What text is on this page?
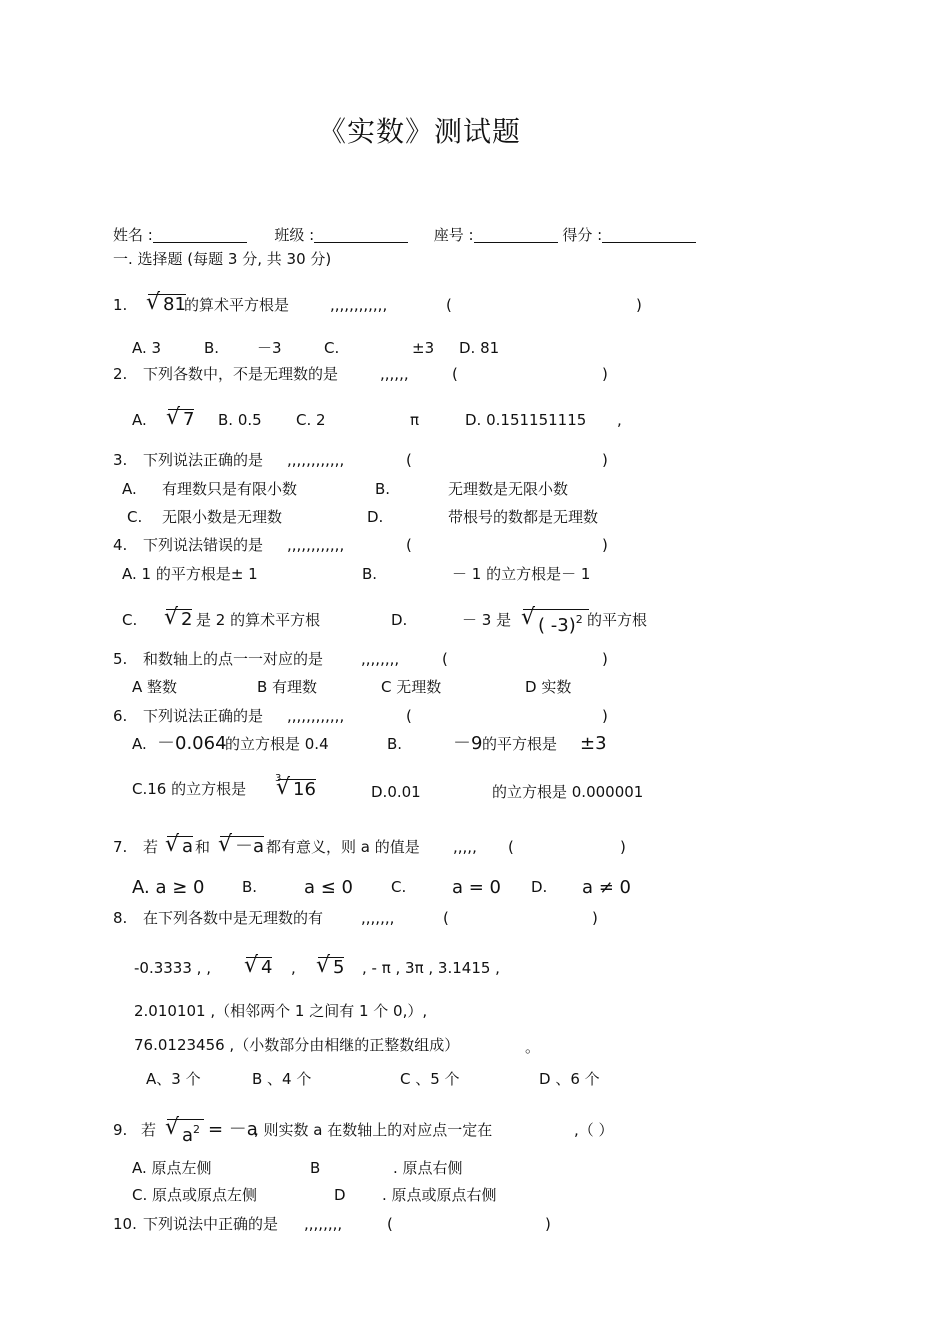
《实数》测试题
姓名 :	班级 :	座号 :	得分 :
一. 选择题 (每题 3 分, 共 30 分)
1.	√ 81
的算术平方根是	,,,,,,,,,,,,	(	)
A. 3	B.	－3	C.	±3 D. 81
2. 下列各数中，不是无理数的是	,,,,,,	(	)
A.	√ 7 B. 0.5 C. 2	π	D. 0.151151115 ,
3. 下列说法正确的是 ,,,,,,,,,,,,	(	)
A. 有理数只是有限小数	B.	无理数是无限小数
C. 无限小数是无理数	D.	带根号的数都是无理数
4. 下列说法错误的是 ,,,,,,,,,,,,	(	)
A. 1 的平方根是± 1	B.	－ 1 的立方根是－ 1
C.	√ 2 是 2 的算术平方根	D.	－ 3 是	√ ( -3)$^2$ 的平方根
5. 和数轴上的点一一对应的是	,,,,,,,,	(	)
A 整数	B 有理数	C 无理数	D 实数
6. 下列说法正确的是 ,,,,,,,,,,,,	(	)
A. －0.064
的立方根是 0.4	B.	－9 的平方根是 ±3
C.16 的立方根是
3
√ 16	D.0.01	的立方根是 0.000001
7. 若	√ a 和	√ －a 都有意义，则 a 的值是 ,,,,, (	)
A. a ≥ 0	B.	a ≤ 0	C.	a = 0 D. a ≠ 0
8. 在下列各数中是无理数的有	,,,,,,,	(	)
-0.3333 , ,	√ 4 ,	√ 5 , - π , 3π , 3.1415 ,
2.010101 ,（相邻两个 1 之间有 1 个 0,）,
76.0123456 ,（小数部分由相继的正整数组成）	。
A、3 个	B 、4 个	C 、5 个	D 、6 个
9. 若	√ $a^2 = -a$
, 则实数 a 在数轴上的对应点一定在	,（ ）
A. 原点左侧	B	. 原点右侧
C. 原点或原点左侧	D . 原点或原点右侧
10. 下列说法中正确的是 ,,,,,,,,	(	)
